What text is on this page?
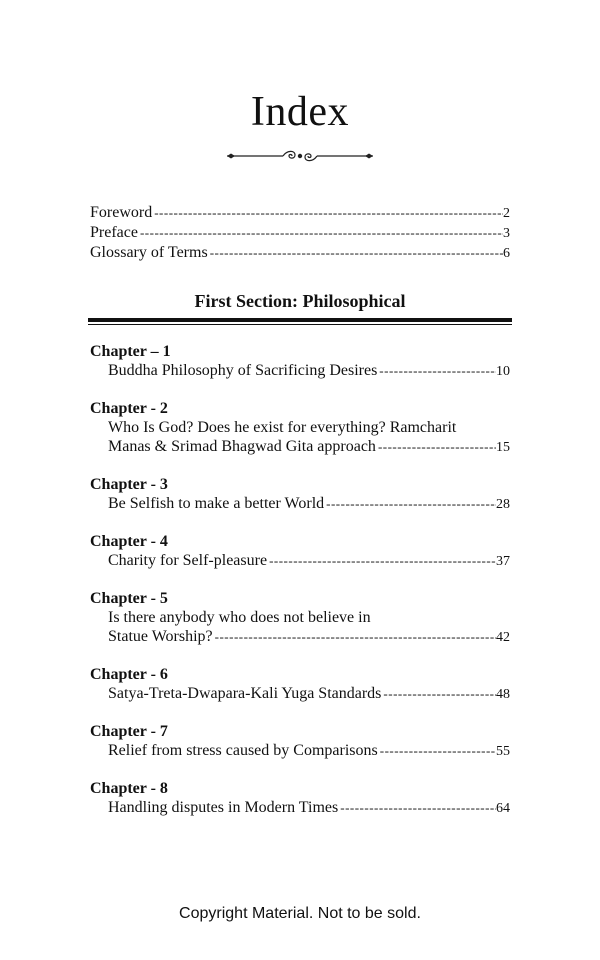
Index
Foreword -----	2
Preface -----	3
Glossary of Terms -----	6
First Section: Philosophical
Chapter – 1
Buddha Philosophy of Sacrificing Desires -----	10
Chapter - 2
Who Is God? Does he exist for everything? Ramcharit
Manas & Srimad Bhagwad Gita approach -----	15
Chapter - 3
Be Selfish to make a better World -----	28
Chapter - 4
Charity for Self-pleasure -----	37
Chapter - 5
Is there anybody who does not believe in
Statue Worship? -----	42
Chapter - 6
Satya-Treta-Dwapara-Kali Yuga Standards -----	48
Chapter - 7
Relief from stress caused by Comparisons -----	55
Chapter - 8
Handling disputes in Modern Times -----	64

Copyright Material. Not to be sold.
